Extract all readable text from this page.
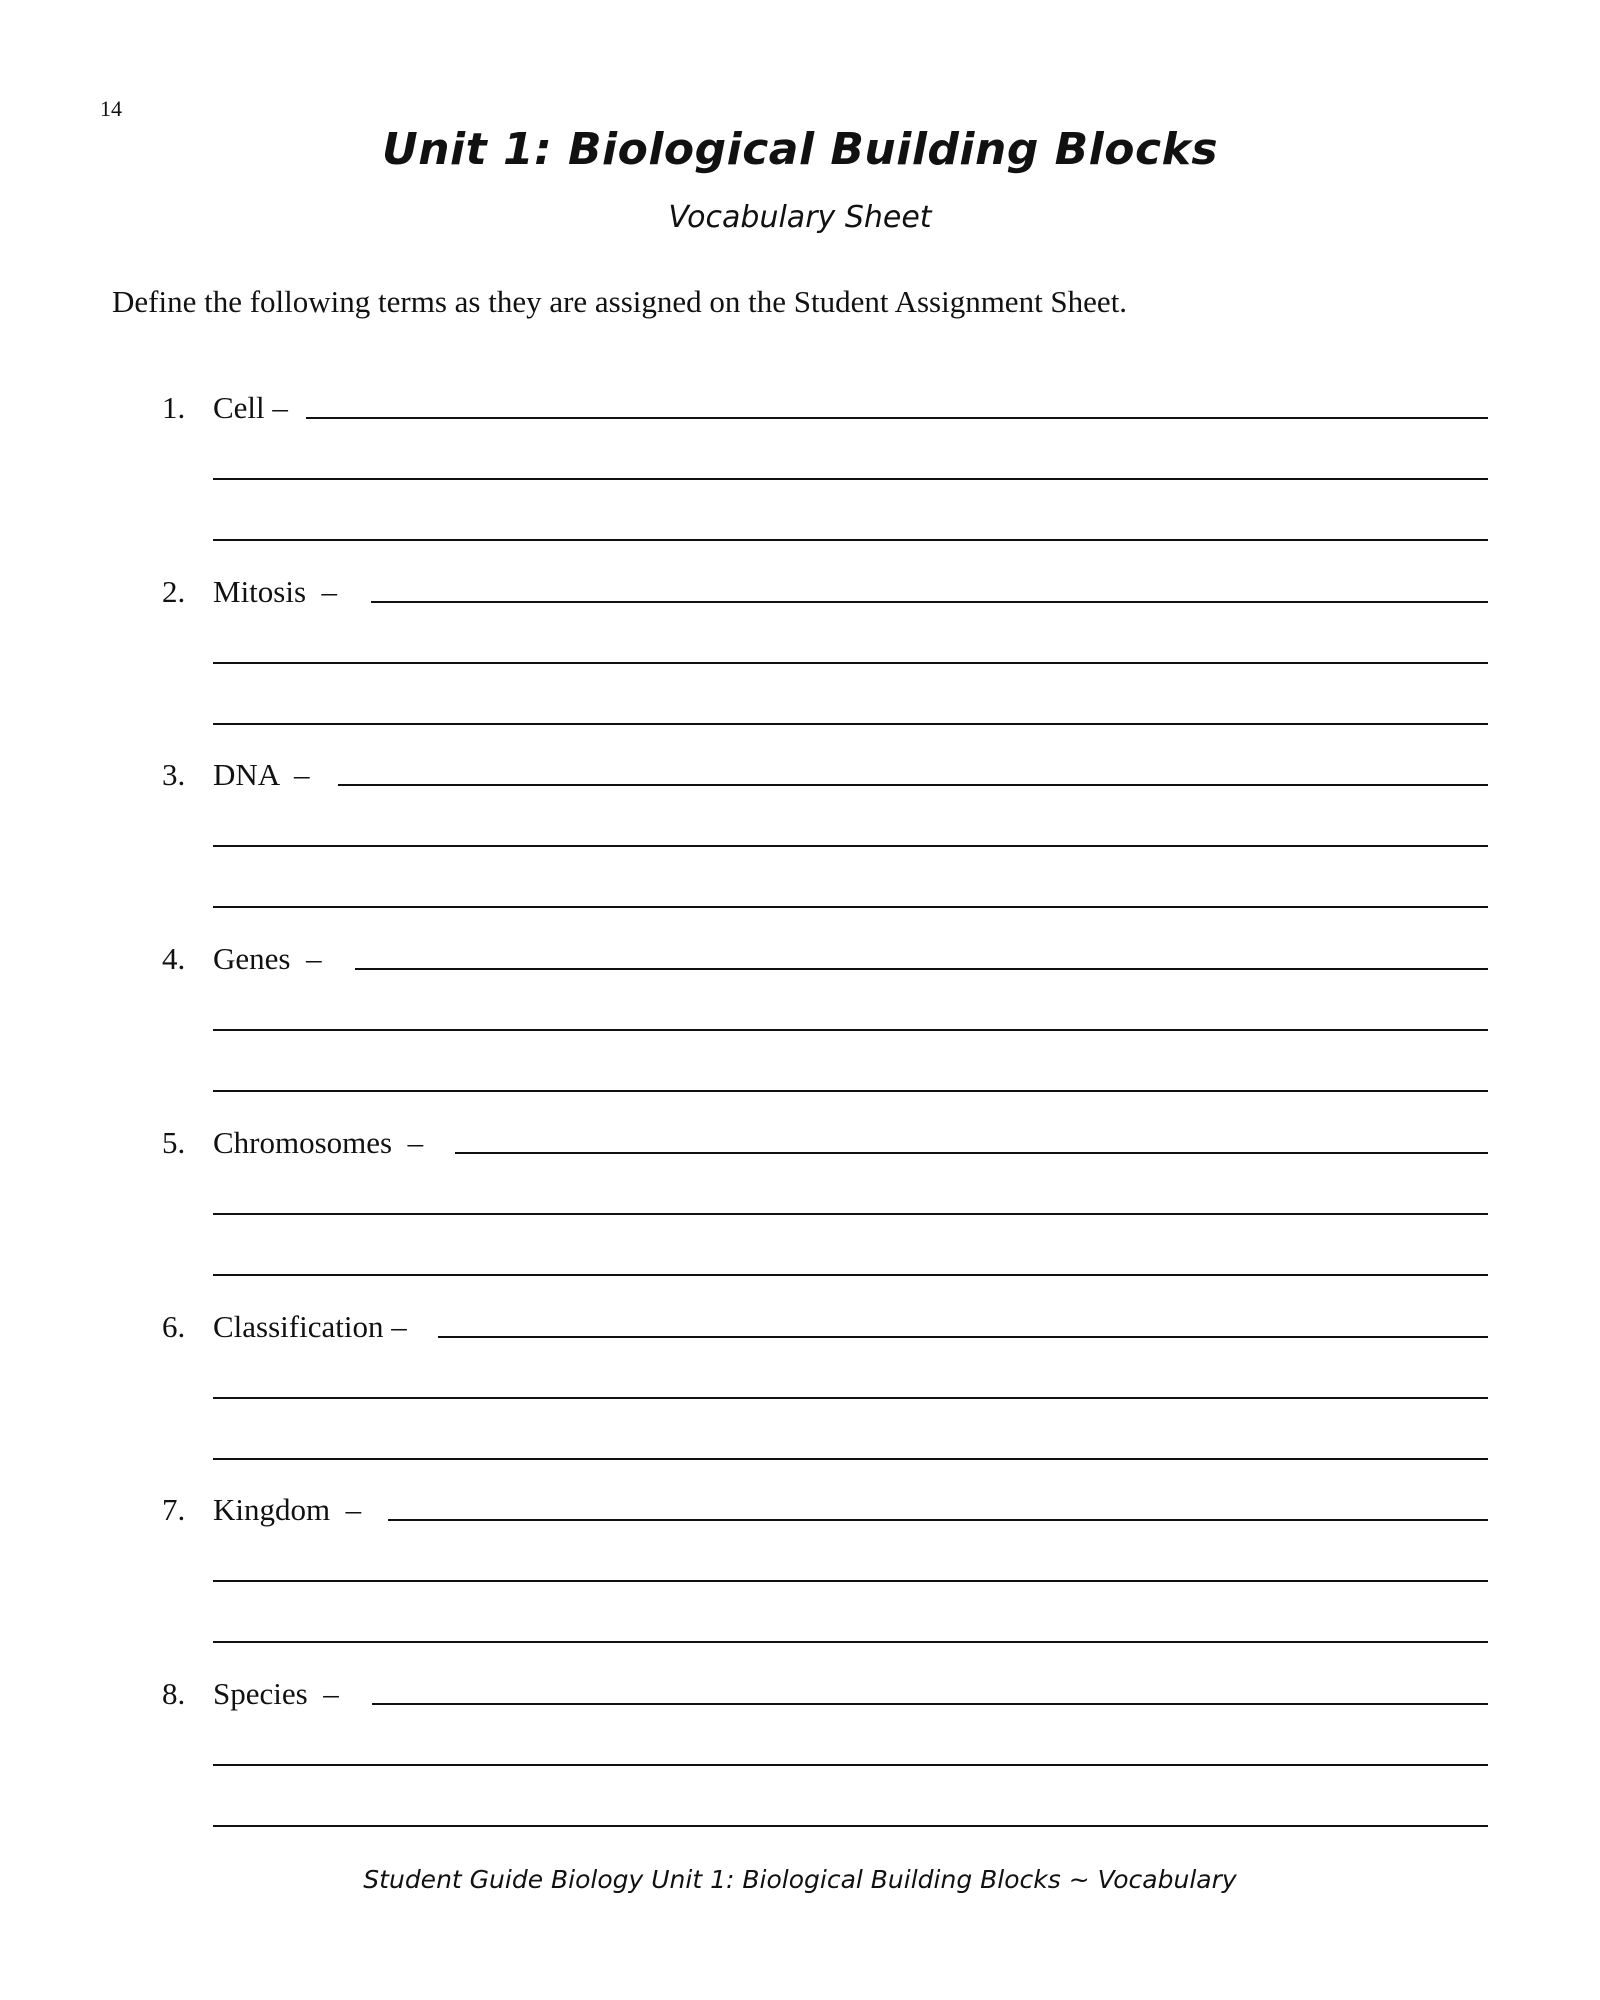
14
Unit 1: Biological Building Blocks
Vocabulary Sheet
Define the following terms as they are assigned on the Student Assignment Sheet.
1. Cell –
2. Mitosis  –
3. DNA  –
4. Genes  –
5. Chromosomes  –
6. Classification –
7. Kingdom  –
8. Species  –
Student Guide Biology Unit 1: Biological Building Blocks ~ Vocabulary
